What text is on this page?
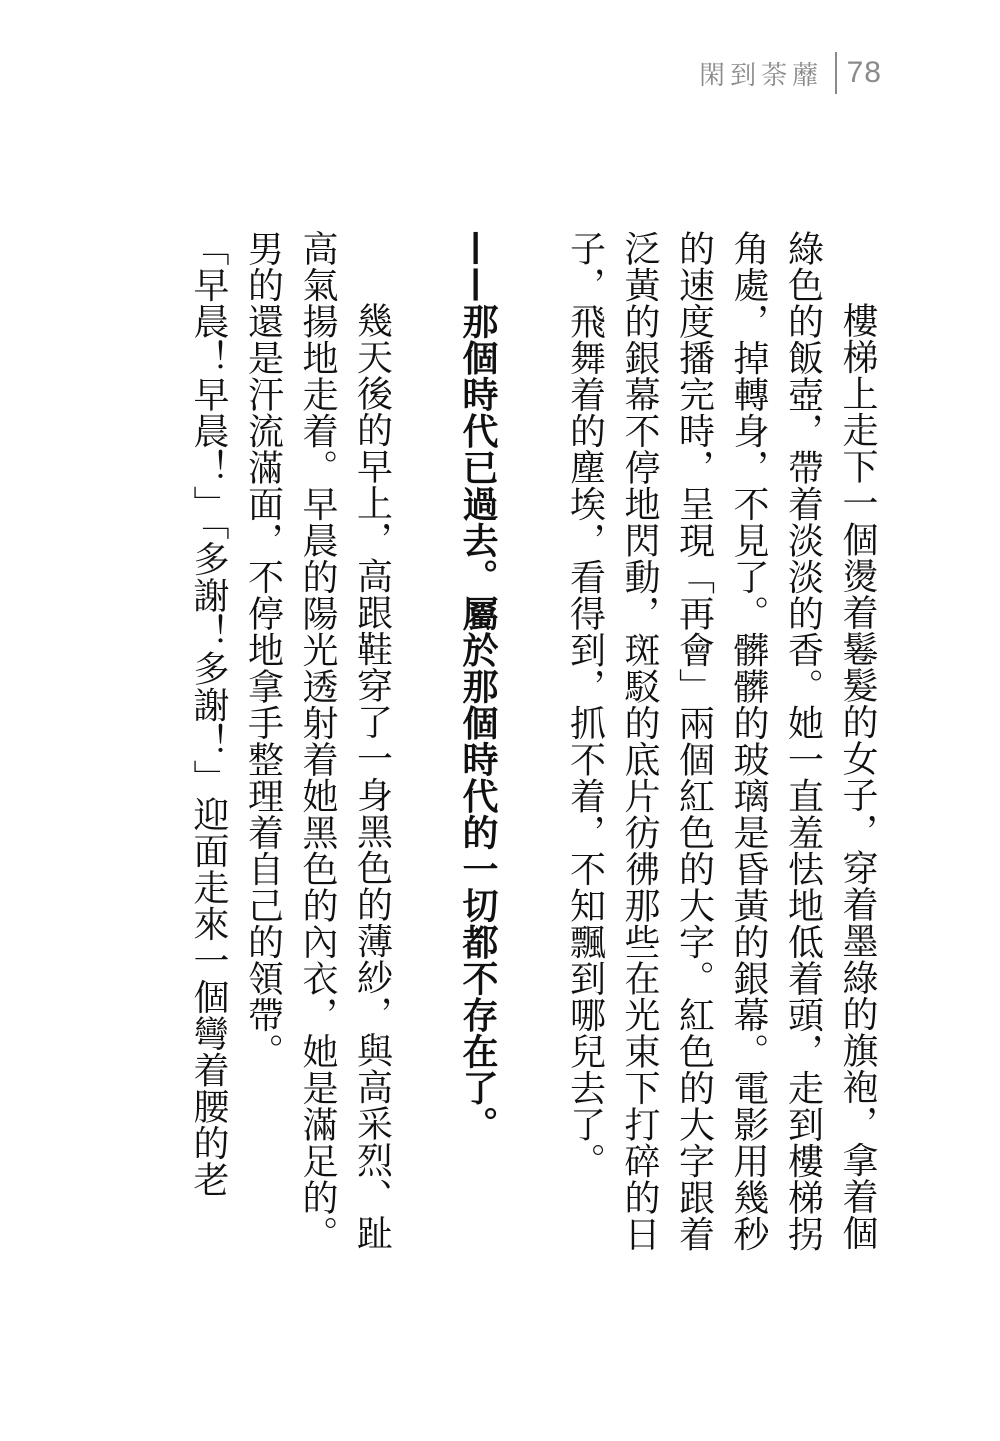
閑到荼蘼 78

樓梯上走下一個燙着鬈髮的女子，穿着墨綠的旗袍，拿着個綠色的飯壺，帶着淡淡的香。她一直羞怯地低着頭，走到樓梯拐角處，掉轉身，不見了。髒髒的玻璃是昏黃的銀幕。電影用幾秒的速度播完時，呈現「再會」兩個紅色的大字。紅色的大字跟着泛黃的銀幕不停地閃動，斑駁的底片彷彿那些在光束下打碎的日子，飛舞着的塵埃，看得到，抓不着，不知飄到哪兒去了。

——那個時代已過去。屬於那個時代的一切都不存在了。

幾天後的早上，高跟鞋穿了一身黑色的薄紗，與高采烈、趾高氣揚地走着。早晨的陽光透射着她黑色的內衣，她是滿足的。男的還是汗流滿面，不停地拿手整理着自己的領帶。

「早晨！早晨！」「多謝！多謝！」迎面走來一個彎着腰的老
